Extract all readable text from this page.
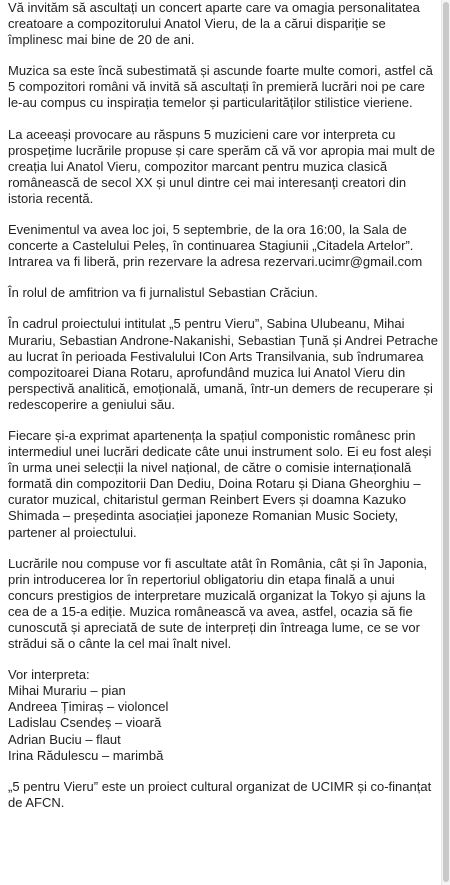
Vă invităm să ascultați un concert aparte care va omagia personalitatea creatoare a compozitorului Anatol Vieru, de la a cărui dispariție se împlinesc mai bine de 20 de ani.

Muzica sa este încă subestimată și ascunde foarte multe comori, astfel că 5 compozitori români vă invită să ascultați în premieră lucrări noi pe care le-au compus cu inspirația temelor și particularităților stilistice vieriene.

La aceeași provocare au răspuns 5 muzicieni care vor interpreta cu prospețime lucrările propuse și care sperăm că vă vor apropia mai mult de creația lui Anatol Vieru, compozitor marcant pentru muzica clasică românească de secol XX și unul dintre cei mai interesanți creatori din istoria recentă.

Evenimentul va avea loc joi, 5 septembrie, de la ora 16:00, la Sala de concerte a Castelului Peleș, în continuarea Stagiunii „Citadela Artelor”. Intrarea va fi liberă, prin rezervare la adresa rezervari.ucimr@gmail.com

În rolul de amfitrion va fi jurnalistul Sebastian Crăciun.

În cadrul proiectului intitulat „5 pentru Vieru”, Sabina Ulubeanu, Mihai Murariu, Sebastian Androne-Nakanishi, Sebastian Țună și Andrei Petrache au lucrat în perioada Festivalului ICon Arts Transilvania, sub îndrumarea compozitoarei Diana Rotaru, aprofundând muzica lui Anatol Vieru din perspectivă analitică, emoțională, umană, într-un demers de recuperare și redescoperire a geniului său.

Fiecare și-a exprimat apartenența la spațiul componistic românesc prin intermediul unei lucrări dedicate câte unui instrument solo. Ei eu fost aleși în urma unei selecții la nivel național, de către o comisie internațională formată din compozitorii Dan Dediu, Doina Rotaru și Diana Gheorghiu – curator muzical, chitaristul german Reinbert Evers și doamna Kazuko Shimada – președinta asociației japoneze Romanian Music Society, partener al proiectului.

Lucrările nou compuse vor fi ascultate atât în România, cât și în Japonia, prin introducerea lor în repertoriul obligatoriu din etapa finală a unui concurs prestigios de interpretare muzicală organizat la Tokyo și ajuns la cea de a 15-a ediție. Muzica românească va avea, astfel, ocazia să fie cunoscută și apreciată de sute de interpreți din întreaga lume, ce se vor strădui să o cânte la cel mai înalt nivel.

Vor interpreta:

Mihai Murariu – pian
Andreea Țimiraș – violoncel
Ladislau Csendeș – vioară
Adrian Buciu – flaut
Irina Rădulescu – marimbă

„5 pentru Vieru” este un proiect cultural organizat de UCIMR și co-finanțat de AFCN.
